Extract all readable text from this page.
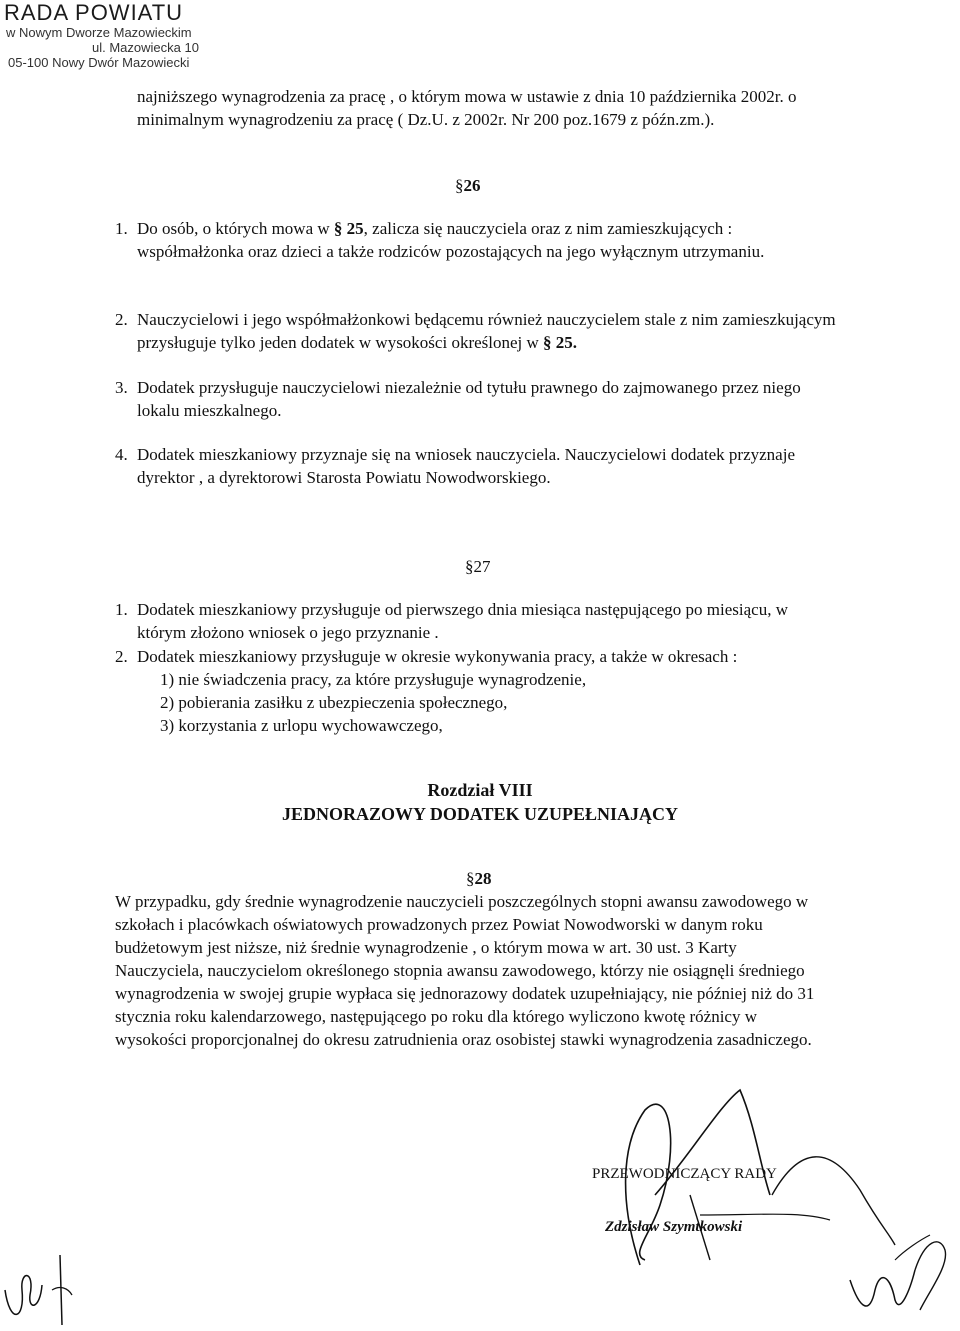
RADA POWIATU
w Nowym Dworze Mazowieckim
ul. Mazowiecka 10
05-100 Nowy Dwór Mazowiecki

najniższego wynagrodzenia za pracę , o którym mowa w ustawie z dnia 10 października 2002r. o minimalnym wynagrodzeniu za pracę ( Dz.U. z 2002r. Nr 200 poz.1679 z późn.zm.).

§26
1. Do osób, o których mowa w § 25, zalicza się nauczyciela oraz z nim zamieszkujących : współmałżonka oraz dzieci a także rodziców pozostających na jego wyłącznym utrzymaniu.

2. Nauczycielowi i jego współmałżonkowi będącemu również nauczycielem stale z nim zamieszkującym przysługuje tylko jeden dodatek w wysokości określonej w § 25.

3. Dodatek przysługuje nauczycielowi niezależnie od tytułu prawnego do zajmowanego przez niego lokalu mieszkalnego.

4. Dodatek mieszkaniowy przyznaje się na wniosek nauczyciela. Nauczycielowi dodatek przyznaje dyrektor , a dyrektorowi Starosta Powiatu Nowodworskiego.

§27
1. Dodatek mieszkaniowy przysługuje od pierwszego dnia miesiąca następującego po miesiącu, w którym złożono wniosek o jego przyznanie .

2. Dodatek mieszkaniowy przysługuje w okresie wykonywania pracy, a także w okresach :

1) nie świadczenia pracy, za które przysługuje wynagrodzenie,

2) pobierania zasiłku z ubezpieczenia społecznego,

3) korzystania z urlopu wychowawczego,

Rozdział VIII
JEDNORAZOWY DODATEK UZUPEŁNIAJĄCY
§28

W przypadku, gdy średnie wynagrodzenie nauczycieli poszczególnych stopni awansu zawodowego w szkołach i placówkach oświatowych prowadzonych przez Powiat Nowodworski w danym roku budżetowym jest niższe, niż średnie wynagrodzenie , o którym mowa w art. 30 ust. 3 Karty Nauczyciela, nauczycielom określonego stopnia awansu zawodowego, którzy nie osiągnęli średniego wynagrodzenia w swojej grupie wypłaca się jednorazowy dodatek uzupełniający, nie później niż do 31 stycznia roku kalendarzowego, następującego po roku dla którego wyliczono kwotę różnicy w wysokości proporcjonalnej do okresu zatrudnienia oraz osobistej stawki wynagrodzenia zasadniczego.

PRZEWODNICZĄCY RADY
Zdzisław Szymtkowski
